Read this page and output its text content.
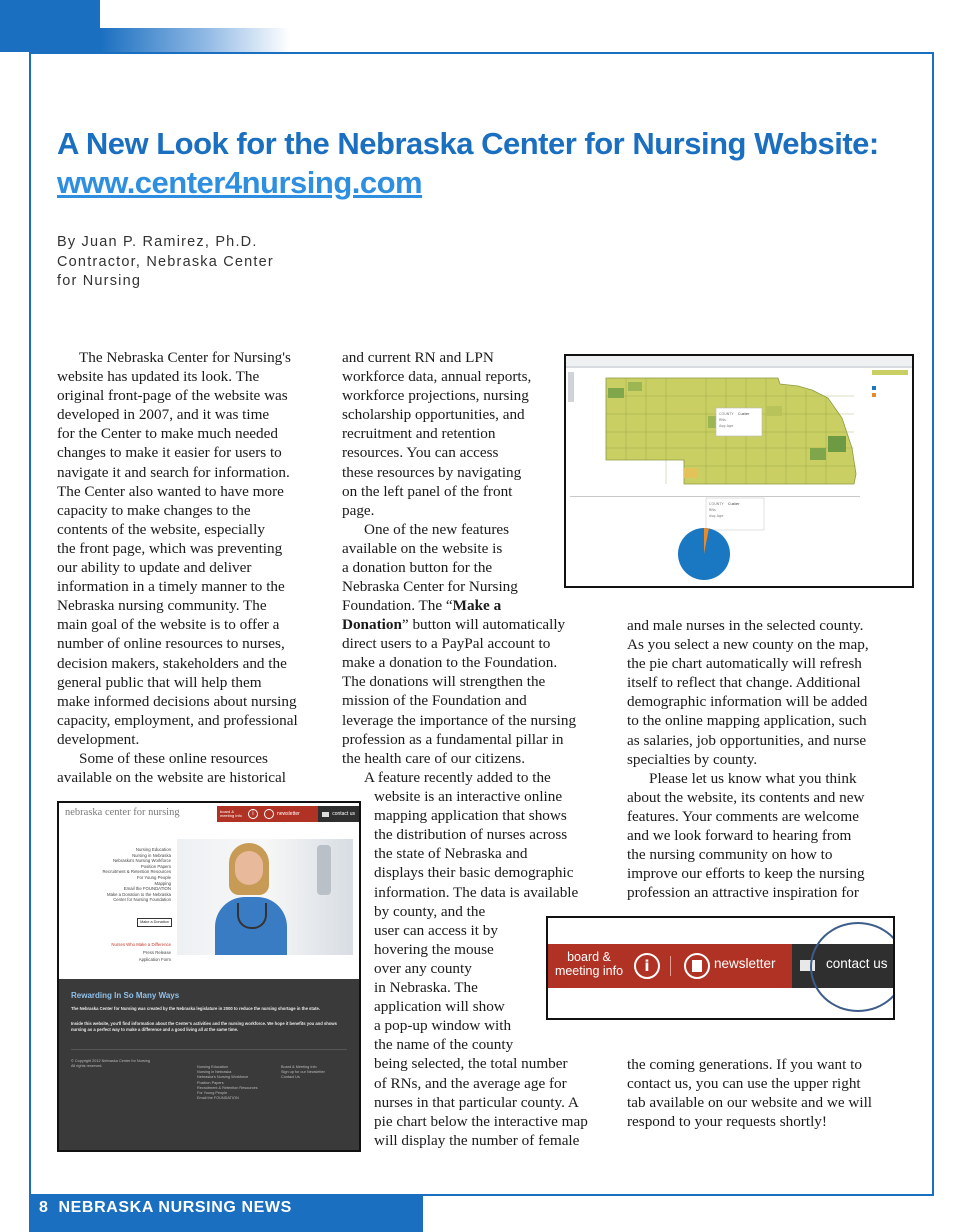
A New Look for the Nebraska Center for Nursing Website:
www.center4nursing.com
By Juan P. Ramirez, Ph.D.
Contractor, Nebraska Center
for Nursing

The Nebraska Center for Nursing's

website has updated its look. The

original front-page of the website was

developed in 2007, and it was time

for the Center to make much needed

changes to make it easier for users to

navigate it and search for information.

The Center also wanted to have more

capacity to make changes to the

contents of the website, especially

the front page, which was preventing

our ability to update and deliver

information in a timely manner to the

Nebraska nursing community. The

main goal of the website is to offer a

number of online resources to nurses,

decision makers, stakeholders and the

general public that will help them

make informed decisions about nursing

capacity, employment, and professional

development.

Some of these online resources

available on the website are historical

and current RN and LPN

workforce data, annual reports,

workforce projections, nursing

scholarship opportunities, and

recruitment and retention

resources. You can access

these resources by navigating

on the left panel of the front

page.

One of the new features

available on the website is

a donation button for the

Nebraska Center for Nursing

and male nurses in the selected county.

As you select a new county on the map,

the pie chart automatically will refresh

itself to reflect that change. Additional

demographic information will be added

to the online mapping application, such

as salaries, job opportunities, and nurse

specialties by county.

Please let us know what you think

about the website, its contents and new

features. Your comments are welcome

and we look forward to hearing from

the nursing community on how to

improve our efforts to keep the nursing

profession an attractive inspiration for

the coming generations. If you want to

contact us, you can use the upper right

tab available on our website and we will

respond to your requests shortly!

COUNTY
RNs
Avg Age
Custer
COUNTY
RNs
Avg Age
Custer

Foundation. The “Make a
Donation” button will automatically

direct users to a PayPal account to

make a donation to the Foundation.

The donations will strengthen the

mission of the Foundation and

leverage the importance of the nursing

profession as a fundamental pillar in

the health care of our citizens.

A feature recently added to the

website is an interactive online

mapping application that shows

the distribution of nurses across

the state of Nebraska and

displays their basic demographic

information. The data is available

by county, and the

user can access it by

hovering the mouse

over any county

in Nebraska. The

application will show

a pop-up window with

the name of the county

being selected, the total number

of RNs, and the average age for

nurses in that particular county. A

pie chart below the interactive map

will display the number of female

nebraska center for nursing	board & meeting info	i	newsletter	contact us
Nursing Education
Nursing in Nebraska
Nebraska's Nursing Workforce
Position Papers
Recruitment & Retention Resources
For Young People
Mapping
Email the FOUNDATION
Make a Donation to the Nebraska
Center for Nursing Foundation
Make a Donation
Nurses Who Make a Difference
Press Release
Application Form
Rewarding In So Many Ways
The Nebraska Center for Nursing was created by the Nebraska legislature in 2000 to reduce the nursing shortage in the state.
Inside this website, you'll find information about the Center's activities and the nursing workforce. We hope it benefits you and shows nursing as a perfect way to make a difference and a good living all at the same time.
© Copyright 2012 Nebraska Center for Nursing
All rights reserved.	Nursing Education
Nursing in Nebraska
Nebraska's Nursing Workforce
Position Papers
Recruitment & Retention Resources
For Young People
Email the FOUNDATION
Board & Meeting Info
Sign up for our Newsletter
Contact Us
board &
meeting info	i	newsletter	contact us
8 NEBRASKA NURSING NEWS
